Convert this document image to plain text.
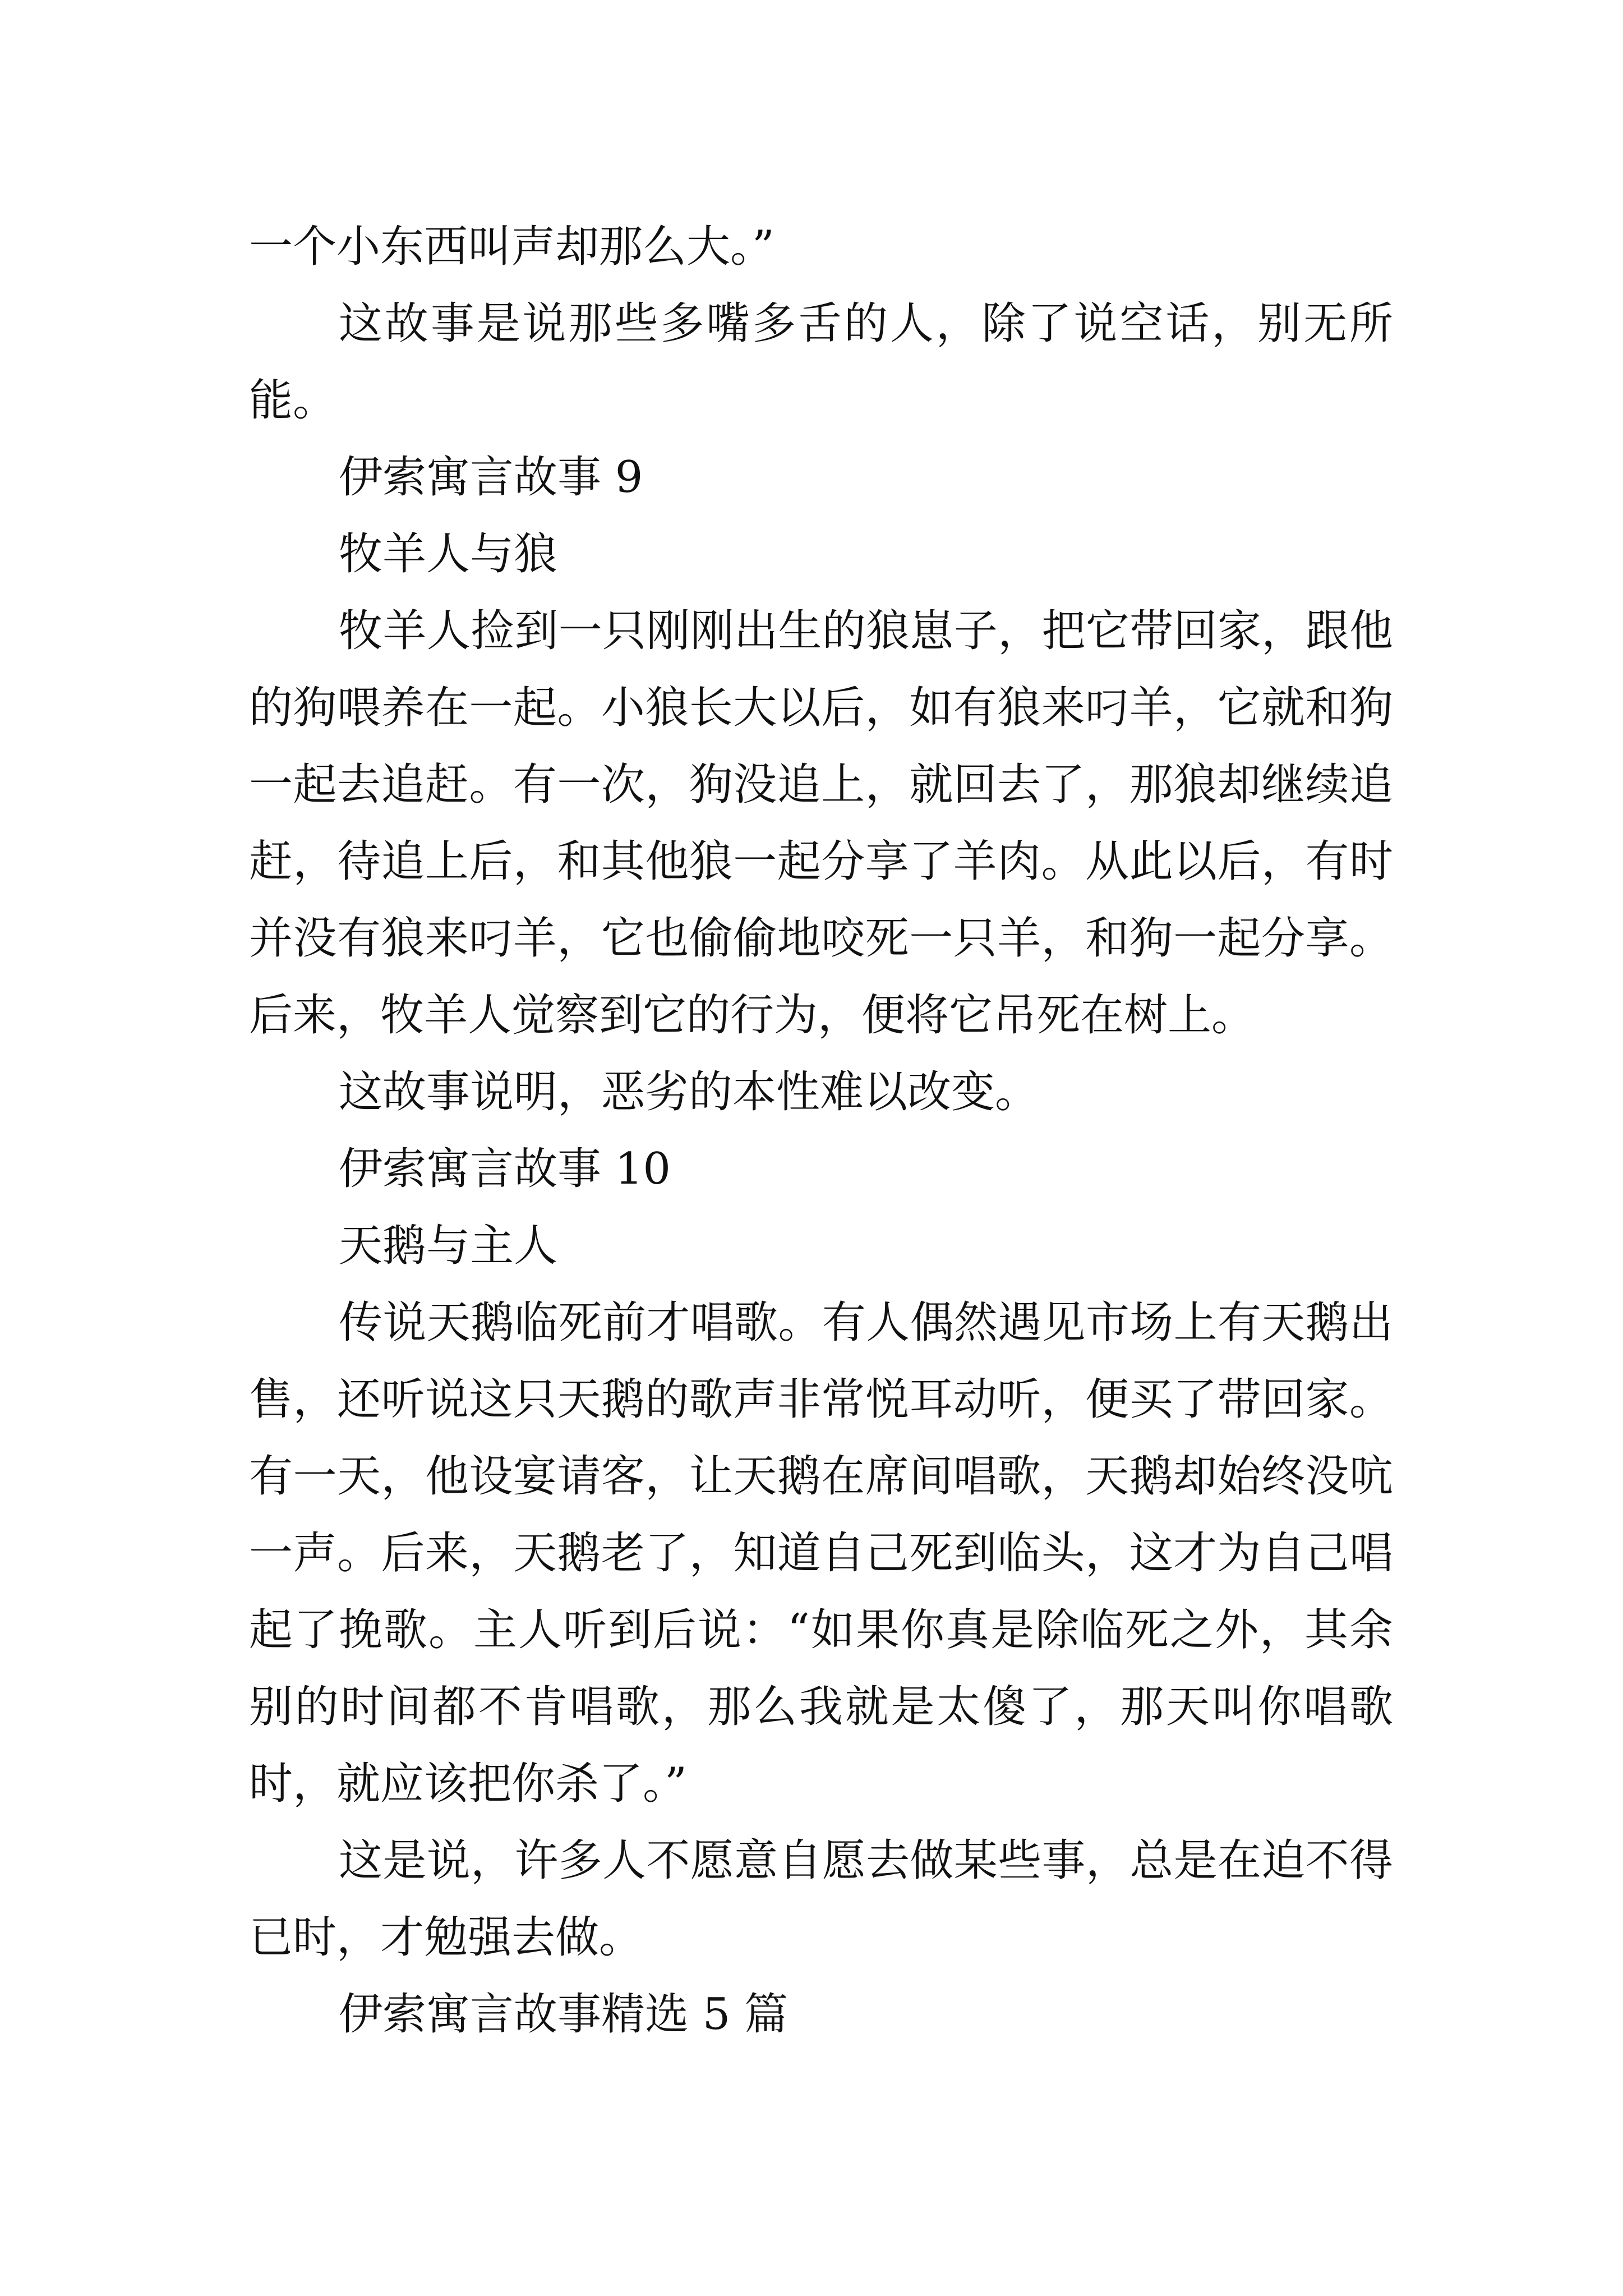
一个小东西叫声却那么大。”

这故事是说那些多嘴多舌的人，除了说空话，别无所能。

伊索寓言故事 9

牧羊人与狼

牧羊人捡到一只刚刚出生的狼崽子，把它带回家，跟他的狗喂养在一起。小狼长大以后，如有狼来叼羊，它就和狗一起去追赶。有一次，狗没追上，就回去了，那狼却继续追赶，待追上后，和其他狼一起分享了羊肉。从此以后，有时并没有狼来叼羊，它也偷偷地咬死一只羊，和狗一起分享。后来，牧羊人觉察到它的行为，便将它吊死在树上。

这故事说明，恶劣的本性难以改变。

伊索寓言故事 10

天鹅与主人

传说天鹅临死前才唱歌。有人偶然遇见市场上有天鹅出售，还听说这只天鹅的歌声非常悦耳动听，便买了带回家。有一天，他设宴请客，让天鹅在席间唱歌，天鹅却始终没吭一声。后来，天鹅老了，知道自己死到临头，这才为自己唱起了挽歌。主人听到后说：“如果你真是除临死之外，其余别的时间都不肯唱歌，那么我就是太傻了，那天叫你唱歌时，就应该把你杀了。”

这是说，许多人不愿意自愿去做某些事，总是在迫不得已时，才勉强去做。

伊索寓言故事精选 5 篇
